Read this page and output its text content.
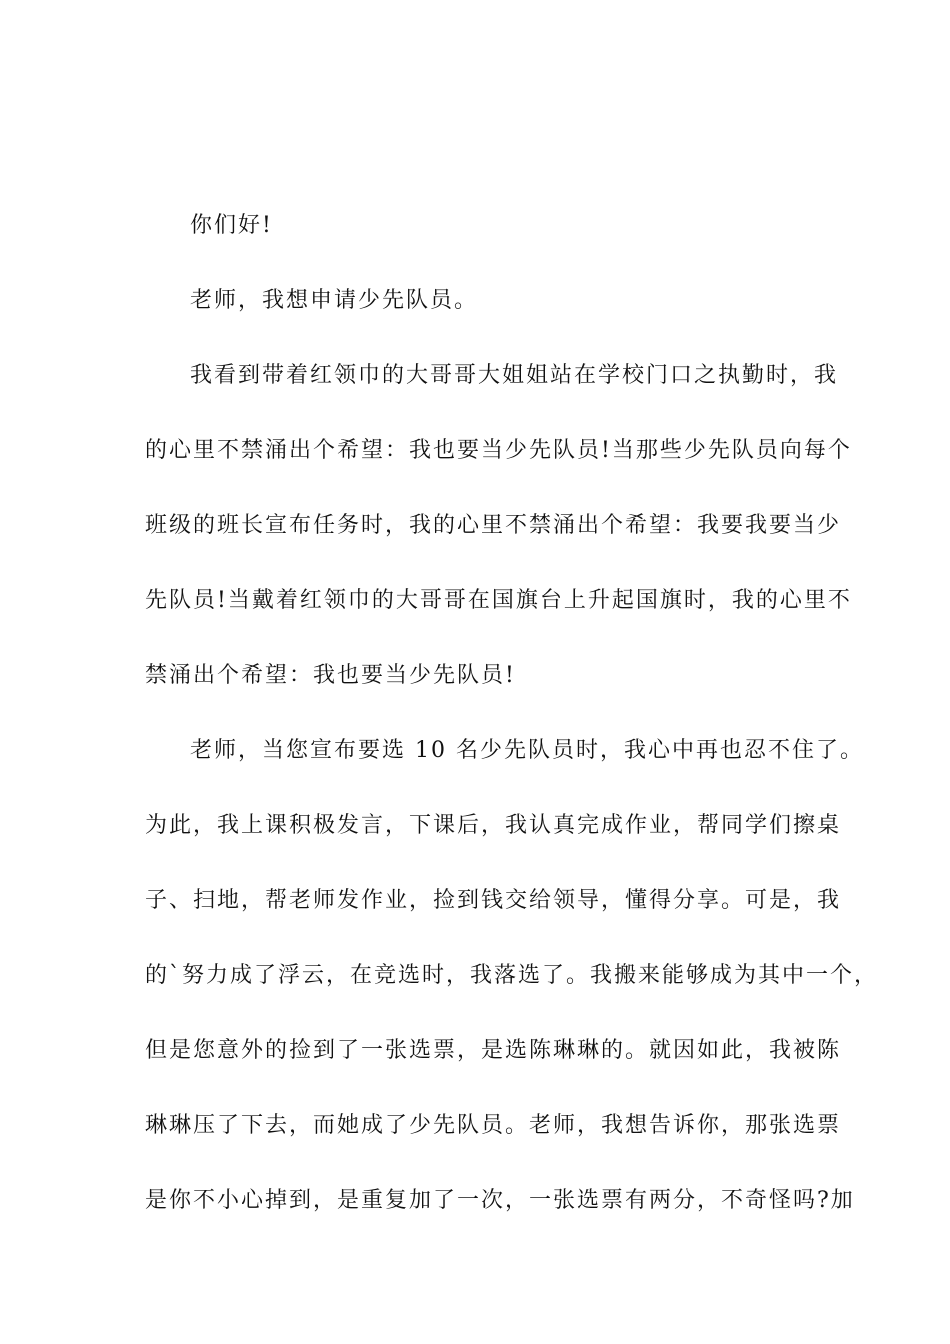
你们好!
老师，我想申请少先队员。
我看到带着红领巾的大哥哥大姐姐站在学校门口之执勤时，我
的心里不禁涌出个希望：我也要当少先队员!当那些少先队员向每个
班级的班长宣布任务时，我的心里不禁涌出个希望：我要我要当少
先队员!当戴着红领巾的大哥哥在国旗台上升起国旗时，我的心里不
禁涌出个希望：我也要当少先队员!
老师，当您宣布要选 10 名少先队员时，我心中再也忍不住了。
为此，我上课积极发言，下课后，我认真完成作业，帮同学们擦桌
子、扫地，帮老师发作业，捡到钱交给领导，懂得分享。可是，我
的`努力成了浮云，在竞选时，我落选了。我搬来能够成为其中一个，
但是您意外的捡到了一张选票，是选陈琳琳的。就因如此，我被陈
琳琳压了下去，而她成了少先队员。老师，我想告诉你，那张选票
是你不小心掉到，是重复加了一次，一张选票有两分，不奇怪吗?加
